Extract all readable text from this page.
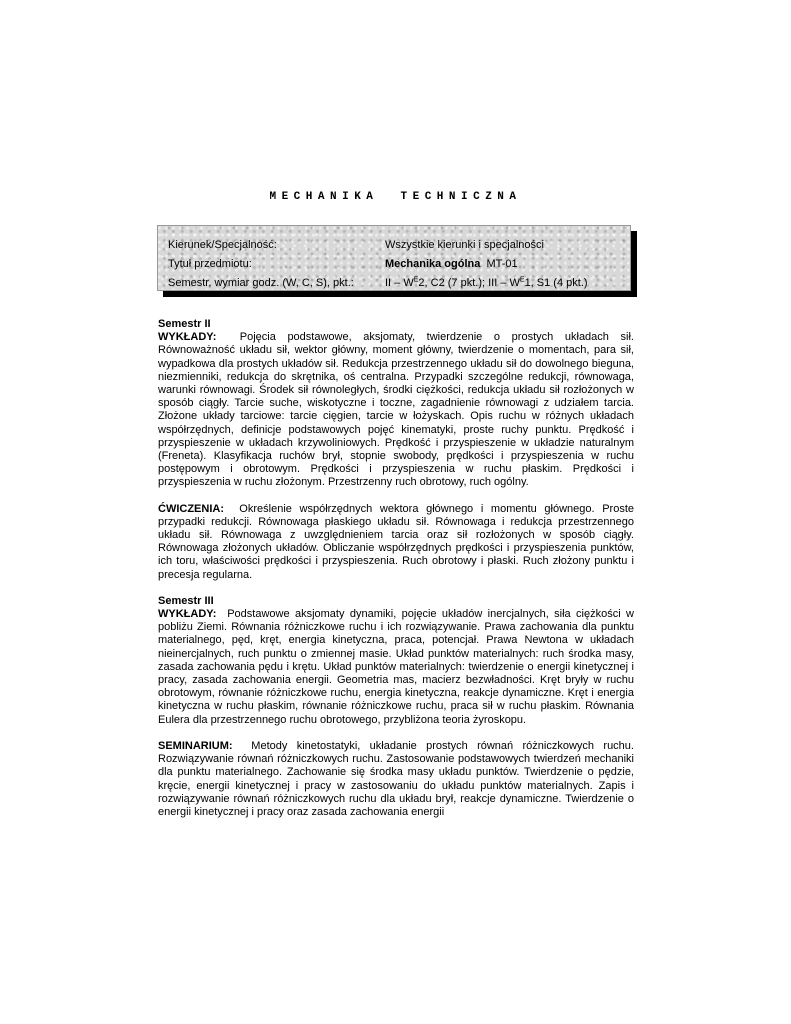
MECHANIKA TECHNICZNA
Kierunek/Specjalność:	Wszystkie kierunki i specjalności
Tytuł przedmiotu:	Mechanika ogólna MT-01
Semestr, wymiar godz. (W, C, S), pkt.:	II – $W^E2$, C2 (7 pkt.); III – $W^E1$, S1 (4 pkt.)

Semestr II

WYKŁADY: Pojęcia podstawowe, aksjomaty, twierdzenie o prostych układach sił. Równoważność układu sił, wektor główny, moment główny, twierdzenie o momentach, para sił, wypadkowa dla prostych układów sił. Redukcja przestrzennego układu sił do dowolnego bieguna, niezmienniki, redukcja do skrętnika, oś centralna. Przypadki szczególne redukcji, równowaga, warunki równowagi. Środek sił równoległych, środki ciężkości, redukcja układu sił rozłożonych w sposób ciągły. Tarcie suche, wiskotyczne i toczne, zagadnienie równowagi z udziałem tarcia. Złożone układy tarciowe: tarcie cięgien, tarcie w łożyskach. Opis ruchu w różnych układach współrzędnych, definicje podstawowych pojęć kinematyki, proste ruchy punktu. Prędkość i przyspieszenie w układach krzywoliniowych. Prędkość i przyspieszenie w układzie naturalnym (Freneta). Klasyfikacja ruchów brył, stopnie swobody, prędkości i przyspieszenia w ruchu postępowym i obrotowym. Prędkości i przyspieszenia w ruchu płaskim. Prędkości i przyspieszenia w ruchu złożonym. Przestrzenny ruch obrotowy, ruch ogólny.

ĆWICZENIA: Określenie współrzędnych wektora głównego i momentu głównego. Proste przypadki redukcji. Równowaga płaskiego układu sił. Równowaga i redukcja przestrzennego układu sił. Równowaga z uwzględnieniem tarcia oraz sił rozłożonych w sposób ciągły. Równowaga złożonych układów. Obliczanie współrzędnych prędkości i przyspieszenia punktów, ich toru, właściwości prędkości i przyspieszenia. Ruch obrotowy i płaski. Ruch złożony punktu i precesja regularna.

Semestr III

WYKŁADY: Podstawowe aksjomaty dynamiki, pojęcie układów inercjalnych, siła ciężkości w pobliżu Ziemi. Równania różniczkowe ruchu i ich rozwiązywanie. Prawa zachowania dla punktu materialnego, pęd, kręt, energia kinetyczna, praca, potencjał. Prawa Newtona w układach nieinercjalnych, ruch punktu o zmiennej masie. Układ punktów materialnych: ruch środka masy, zasada zachowania pędu i krętu. Układ punktów materialnych: twierdzenie o energii kinetycznej i pracy, zasada zachowania energii. Geometria mas, macierz bezwładności. Kręt bryły w ruchu obrotowym, równanie różniczkowe ruchu, energia kinetyczna, reakcje dynamiczne. Kręt i energia kinetyczna w ruchu płaskim, równanie różniczkowe ruchu, praca sił w ruchu płaskim. Równania Eulera dla przestrzennego ruchu obrotowego, przybliżona teoria żyroskopu.

SEMINARIUM: Metody kinetostatyki, układanie prostych równań różniczkowych ruchu. Rozwiązywanie równań różniczkowych ruchu. Zastosowanie podstawowych twierdzeń mechaniki dla punktu materialnego. Zachowanie się środka masy układu punktów. Twierdzenie o pędzie, kręcie, energii kinetycznej i pracy w zastosowaniu do układu punktów materialnych. Zapis i rozwiązywanie równań różniczkowych ruchu dla układu brył, reakcje dynamiczne. Twierdzenie o energii kinetycznej i pracy oraz zasada zachowania energii
